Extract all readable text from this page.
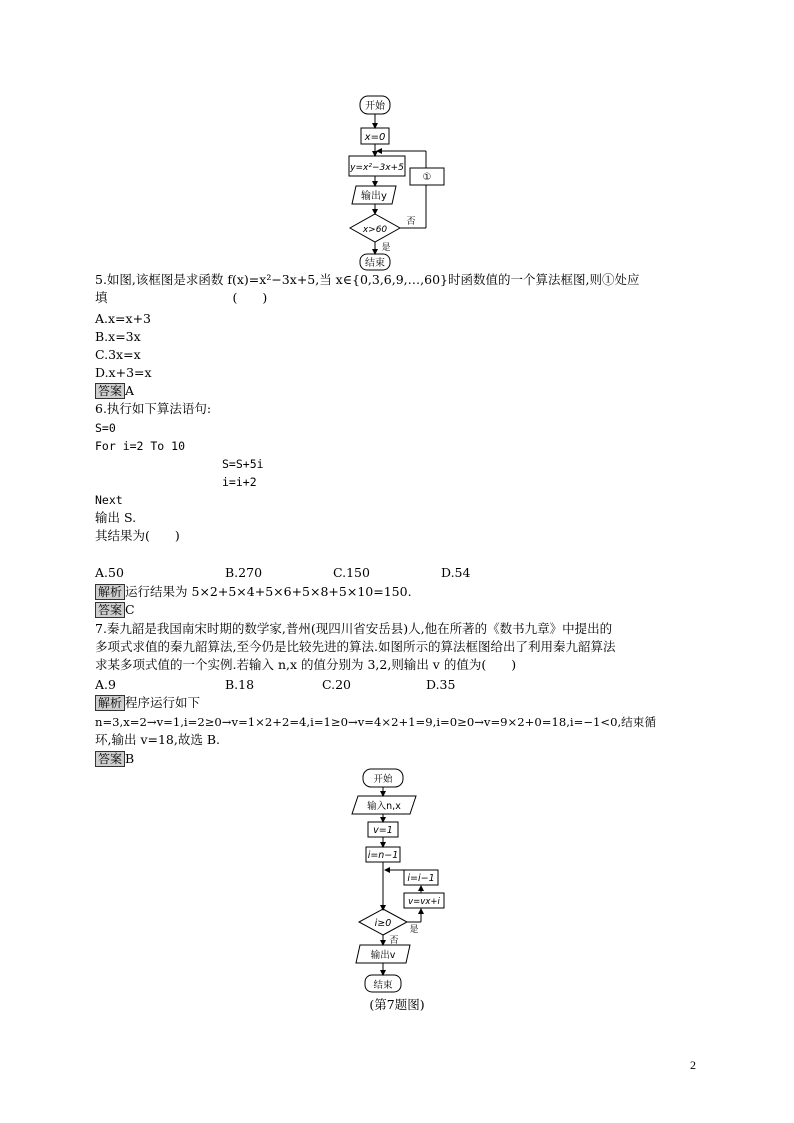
开始
x=0
y=x²−3x+5
输出y
x>60
否
是
①
结束
5.如图,该框图是求函数 f(x)=x²−3x+5,当 x∈{0,3,6,9,…,60}时函数值的一个算法框图,则①处应
填　　　　　　　　　　(　　)
A.x=x+3
B.x=3x
C.3x=x
D.x+3=x
答案 A
6.执行如下算法语句:
S=0
For i=2 To 10
S=S+5i
i=i+2
Next
输出 S.
其结果为(　　)
A.50	B.270	C.150	D.54
解析 运行结果为 5×2+5×4+5×6+5×8+5×10=150.
答案 C
7.秦九韶是我国南宋时期的数学家,普州(现四川省安岳县)人,他在所著的《数书九章》中提出的
多项式求值的秦九韶算法,至今仍是比较先进的算法.如图所示的算法框图给出了利用秦九韶算法
求某多项式值的一个实例.若输入 n,x 的值分别为 3,2,则输出 v 的值为(　　)
A.9	B.18	C.20	D.35
解析 程序运行如下
n=3,x=2→v=1,i=2≥0→v=1×2+2=4,i=1≥0→v=4×2+1=9,i=0≥0→v=9×2+0=18,i=−1<0,结束循
环,输出 v=18,故选 B.
答案 B
开始
输入n,x
v=1
i=n−1
i=i−1
v=vx+i
i≥0
是
否
输出v
结束
(第7题图)
2
